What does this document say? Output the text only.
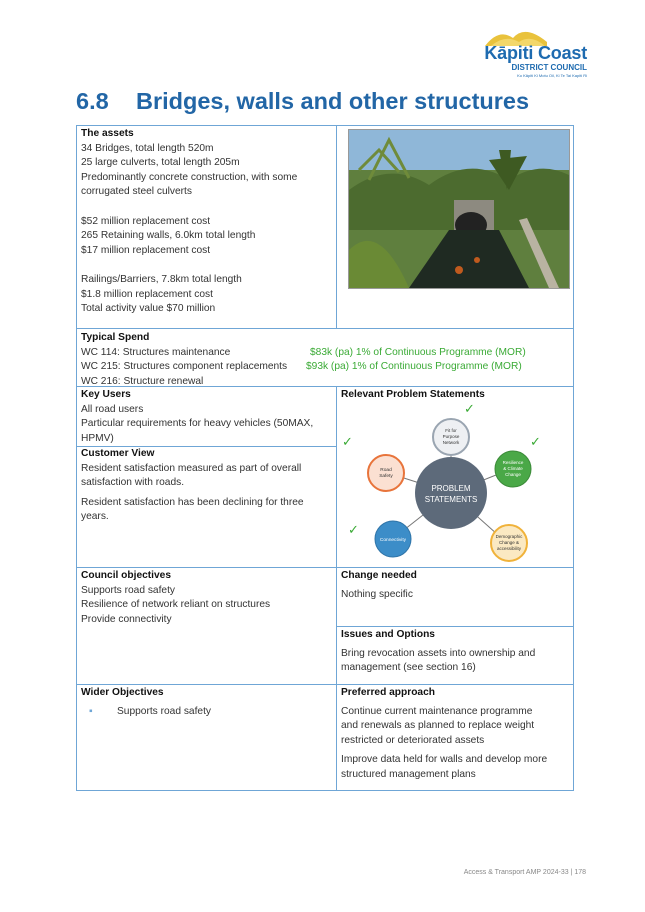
Kāpiti Coast
DISTRICT COUNCIL
Ko Kāpiti Ki Motu Oil, Ki Te Tai Kapiti Ri
6.8 Bridges, walls and other structures
The assets
34 Bridges, total length 520m
25 large culverts, total length 205m
Predominantly concrete construction, with some
corrugated steel culverts
$52 million replacement cost
265 Retaining walls, 6.0km total length
$17 million replacement cost
Railings/Barriers, 7.8km total length
$1.8 million replacement cost
Total activity value $70 million
Typical Spend
WC 114: Structures maintenance
WC 215: Structures component replacements
WC 216: Structure renewal
$83k (pa) 1% of Continuous Programme (MOR)
$93k (pa) 1% of Continuous Programme (MOR)
Key Users
All road users
Particular requirements for heavy vehicles (50MAX,
HPMV)
Customer View
Resident satisfaction measured as part of overall
satisfaction with roads.
Resident satisfaction has been declining for three
years.
Relevant Problem Statements
PROBLEM
STATEMENTS
Fit for
Purpose
Network
Resilience
& Climate
Change
Demographic
Change &
accessibility
Connectivity
Road
Safety
✓
✓
✓
✓
Council objectives
Supports road safety
Resilience of network reliant on structures
Provide connectivity
Change needed
Nothing specific
Issues and Options
Bring revocation assets into ownership and
management (see section 16)
Wider Objectives
▪ Supports road safety
Preferred approach
Continue current maintenance programme
and renewals as planned to replace weight
restricted or deteriorated assets
Improve data held for walls and develop more
structured management plans
Access & Transport AMP 2024-33 | 178
